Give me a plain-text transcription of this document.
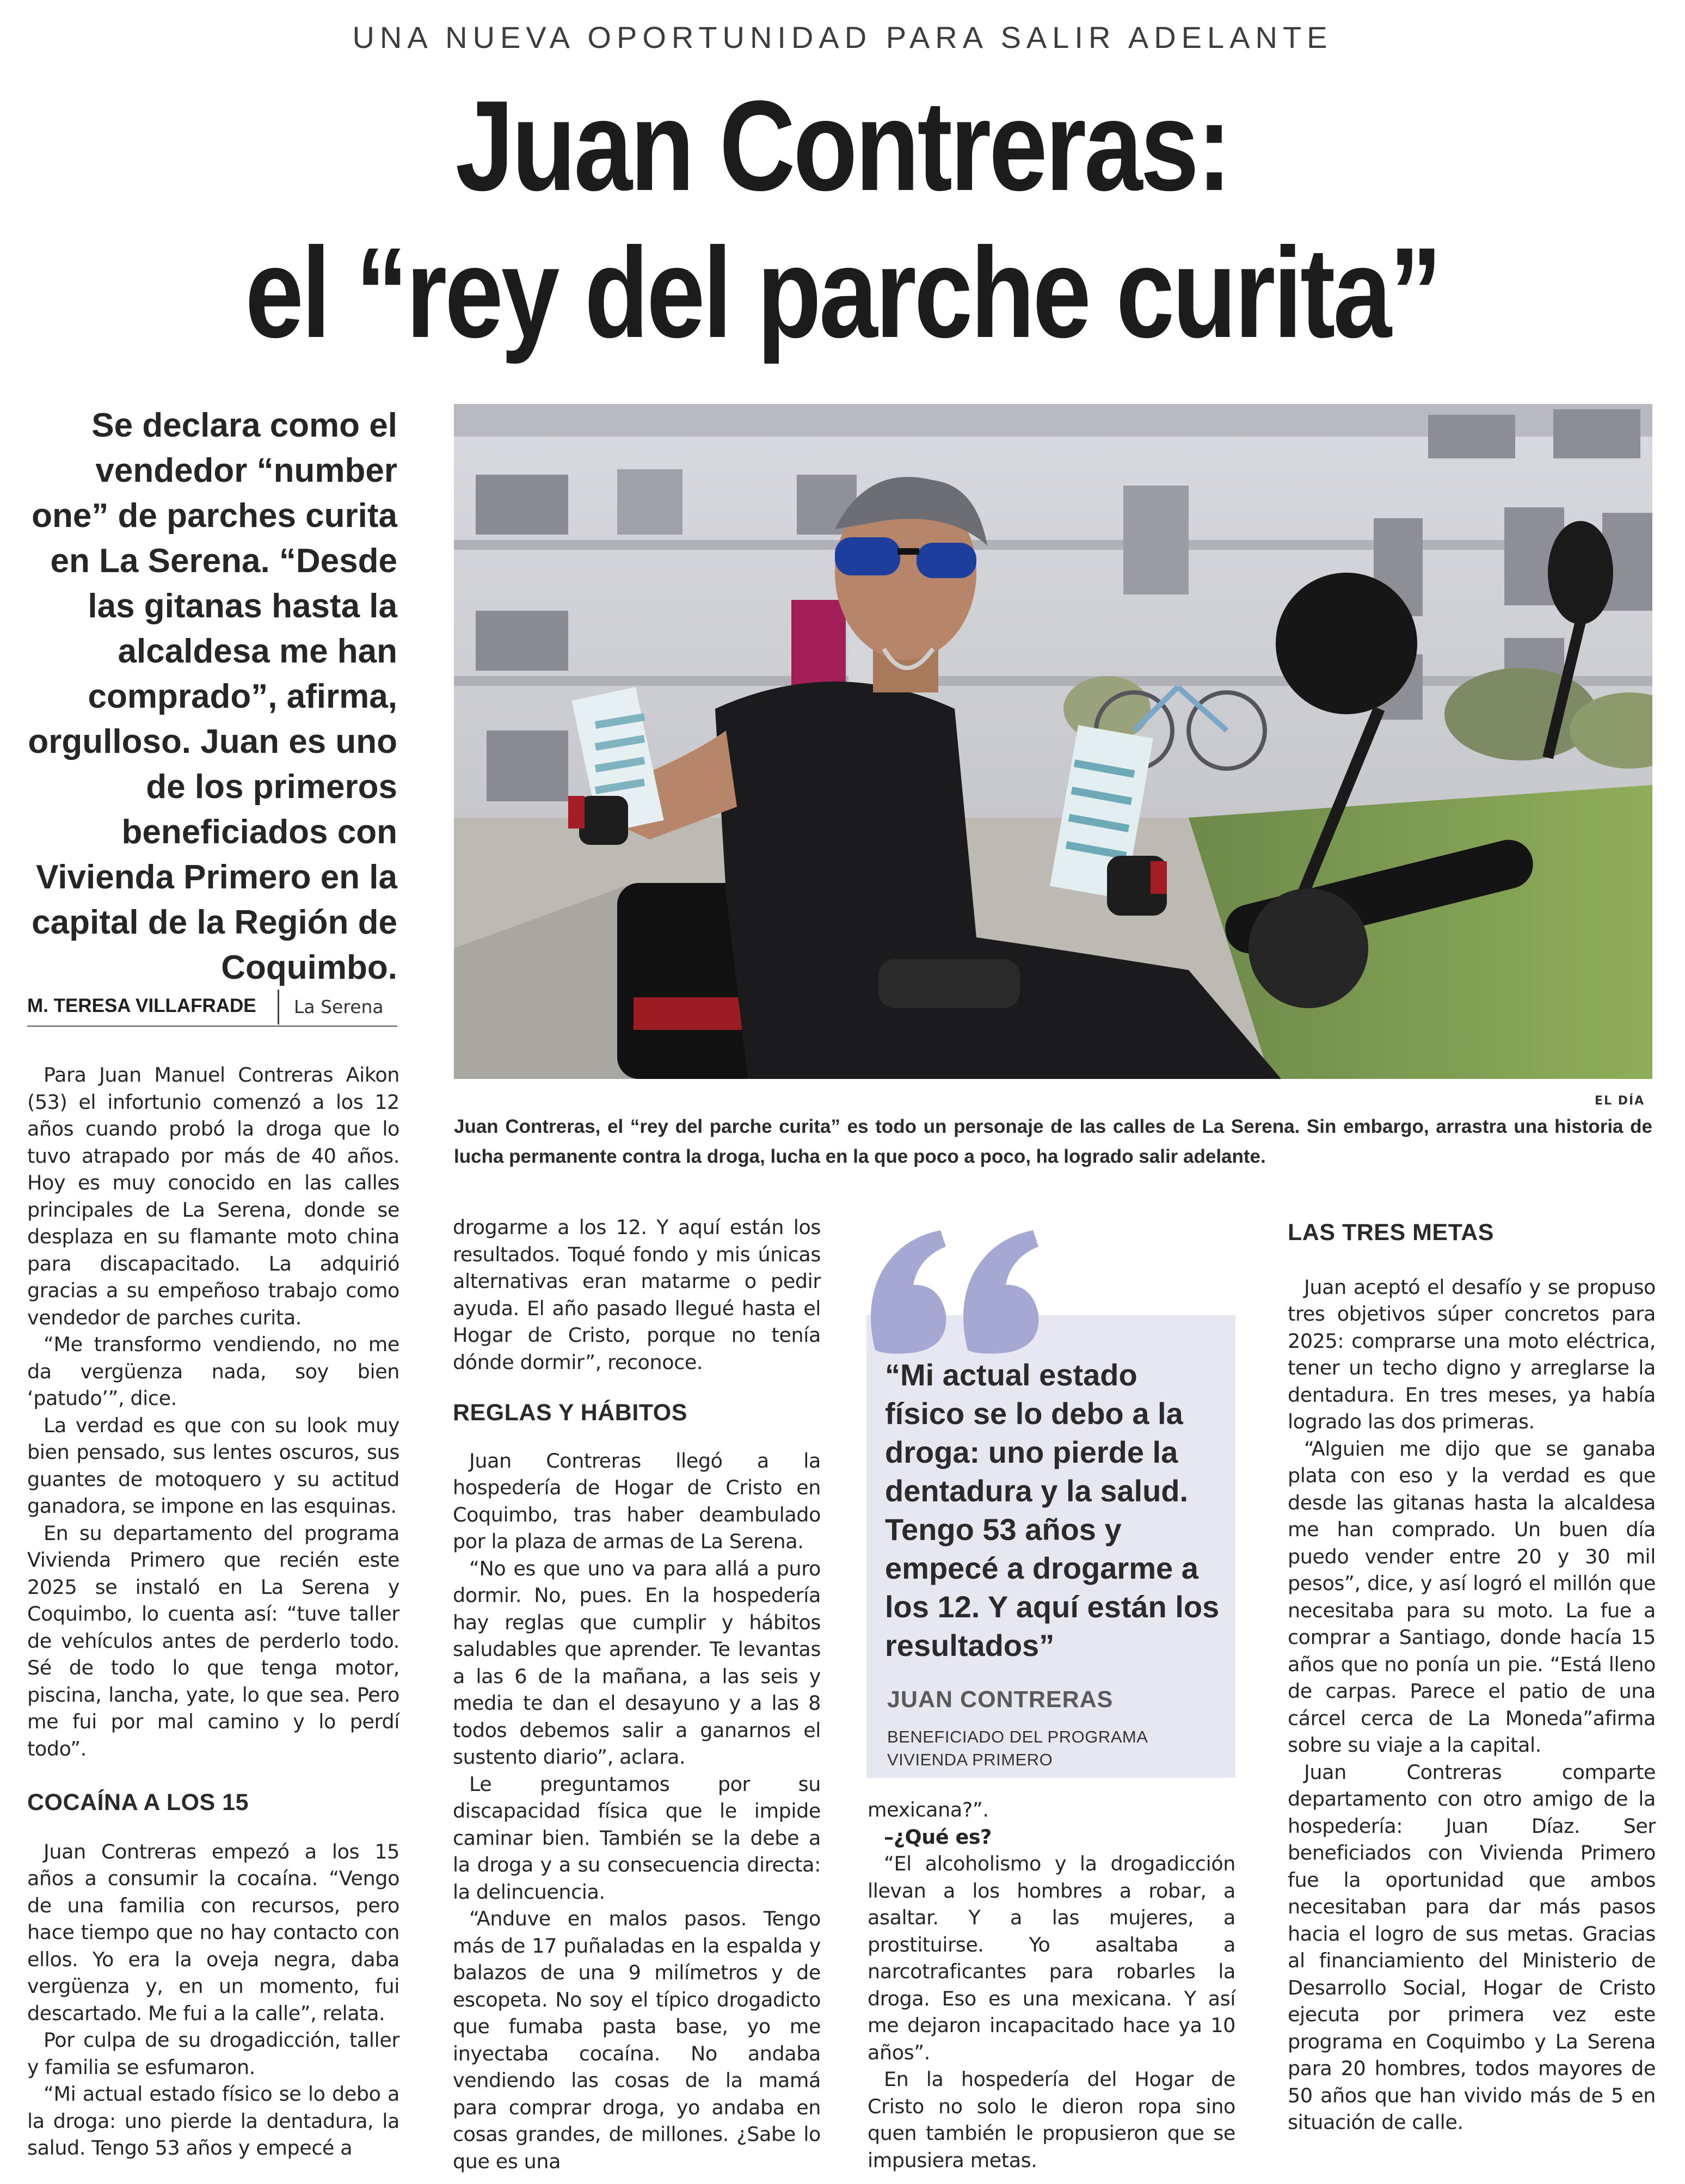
UNA NUEVA OPORTUNIDAD PARA SALIR ADELANTE
Juan Contreras:
el “rey del parche curita”
Se declara como el vendedor “number one” de parches curita en La Serena. “Desde las gitanas hasta la alcaldesa me han comprado”, afirma, orgulloso. Juan es uno de los primeros beneficiados con Vivienda Primero en la capital de la Región de Coquimbo.
M. TERESA VILLAFRADE La Serena
EL DÍA
Juan Contreras, el “rey del parche curita” es todo un personaje de las calles de La Serena. Sin embargo, arrastra una historia de lucha permanente contra la droga, lucha en la que poco a poco, ha logrado salir adelante.

Para Juan Manuel Contreras Aikon (53) el infortunio comenzó a los 12 años cuando probó la droga que lo tuvo atrapado por más de 40 años. Hoy es muy conocido en las calles principales de La Serena, donde se desplaza en su flamante moto china para discapacitado. La adquirió gracias a su empeñoso trabajo como vendedor de parches curita.

“Me transformo vendiendo, no me da vergüenza nada, soy bien ‘patudo’”, dice.

La verdad es que con su look muy bien pensado, sus lentes oscuros, sus guantes de motoquero y su actitud ganadora, se impone en las esquinas.

En su departamento del programa Vivienda Primero que recién este 2025 se instaló en La Serena y Coquimbo, lo cuenta así: “tuve taller de vehículos antes de perderlo todo. Sé de todo lo que tenga motor, piscina, lancha, yate, lo que sea. Pero me fui por mal camino y lo perdí todo”.

COCAÍNA A LOS 15

Juan Contreras empezó a los 15 años a consumir la cocaína. “Vengo de una familia con recursos, pero hace tiempo que no hay contacto con ellos. Yo era la oveja negra, daba vergüenza y, en un momento, fui descartado. Me fui a la calle”, relata.

Por culpa de su drogadicción, taller y familia se esfumaron.

“Mi actual estado físico se lo debo a la droga: uno pierde la dentadura, la salud. Tengo 53 años y empecé a

drogarme a los 12. Y aquí están los resultados. Toqué fondo y mis únicas alternativas eran matarme o pedir ayuda. El año pasado llegué hasta el Hogar de Cristo, porque no tenía dónde dormir”, reconoce.

REGLAS Y HÁBITOS

Juan Contreras llegó a la hospedería de Hogar de Cristo en Coquimbo, tras haber deambulado por la plaza de armas de La Serena.

“No es que uno va para allá a puro dormir. No, pues. En la hospedería hay reglas que cumplir y hábitos saludables que aprender. Te levantas a las 6 de la mañana, a las seis y media te dan el desayuno y a las 8 todos debemos salir a ganarnos el sustento diario”, aclara.

Le preguntamos por su discapacidad física que le impide caminar bien. También se la debe a la droga y a su consecuencia directa: la delincuencia.

“Anduve en malos pasos. Tengo más de 17 puñaladas en la espalda y balazos de una 9 milímetros y de escopeta. No soy el típico drogadicto que fumaba pasta base, yo me inyectaba cocaína. No andaba vendiendo las cosas de la mamá para comprar droga, yo andaba en cosas grandes, de millones. ¿Sabe lo que es una

“Mi actual estado físico se lo debo a la droga: uno pierde la dentadura y la salud. Tengo 53 años y empecé a drogarme a los 12. Y aquí están los resultados”
JUAN CONTRERAS
BENEFICIADO DEL PROGRAMA VIVIENDA PRIMERO

mexicana?”.

–¿Qué es?

“El alcoholismo y la drogadicción llevan a los hombres a robar, a asaltar. Y a las mujeres, a prostituirse. Yo asaltaba a narcotraficantes para robarles la droga. Eso es una mexicana. Y así me dejaron incapacitado hace ya 10 años”.

En la hospedería del Hogar de Cristo no solo le dieron ropa sino quen también le propusieron que se impusiera metas.

LAS TRES METAS

Juan aceptó el desafío y se propuso tres objetivos súper concretos para 2025: comprarse una moto eléctrica, tener un techo digno y arreglarse la dentadura. En tres meses, ya había logrado las dos primeras.

“Alguien me dijo que se ganaba plata con eso y la verdad es que desde las gitanas hasta la alcaldesa me han comprado. Un buen día puedo vender entre 20 y 30 mil pesos”, dice, y así logró el millón que necesitaba para su moto. La fue a comprar a Santiago, donde hacía 15 años que no ponía un pie. “Está lleno de carpas. Parece el patio de una cárcel cerca de La Moneda”afirma sobre su viaje a la capital.

Juan Contreras comparte departamento con otro amigo de la hospedería: Juan Díaz. Ser beneficiados con Vivienda Primero fue la oportunidad que ambos necesitaban para dar más pasos hacia el logro de sus metas. Gracias al financiamiento del Ministerio de Desarrollo Social, Hogar de Cristo ejecuta por primera vez este programa en Coquimbo y La Serena para 20 hombres, todos mayores de 50 años que han vivido más de 5 en situación de calle.
